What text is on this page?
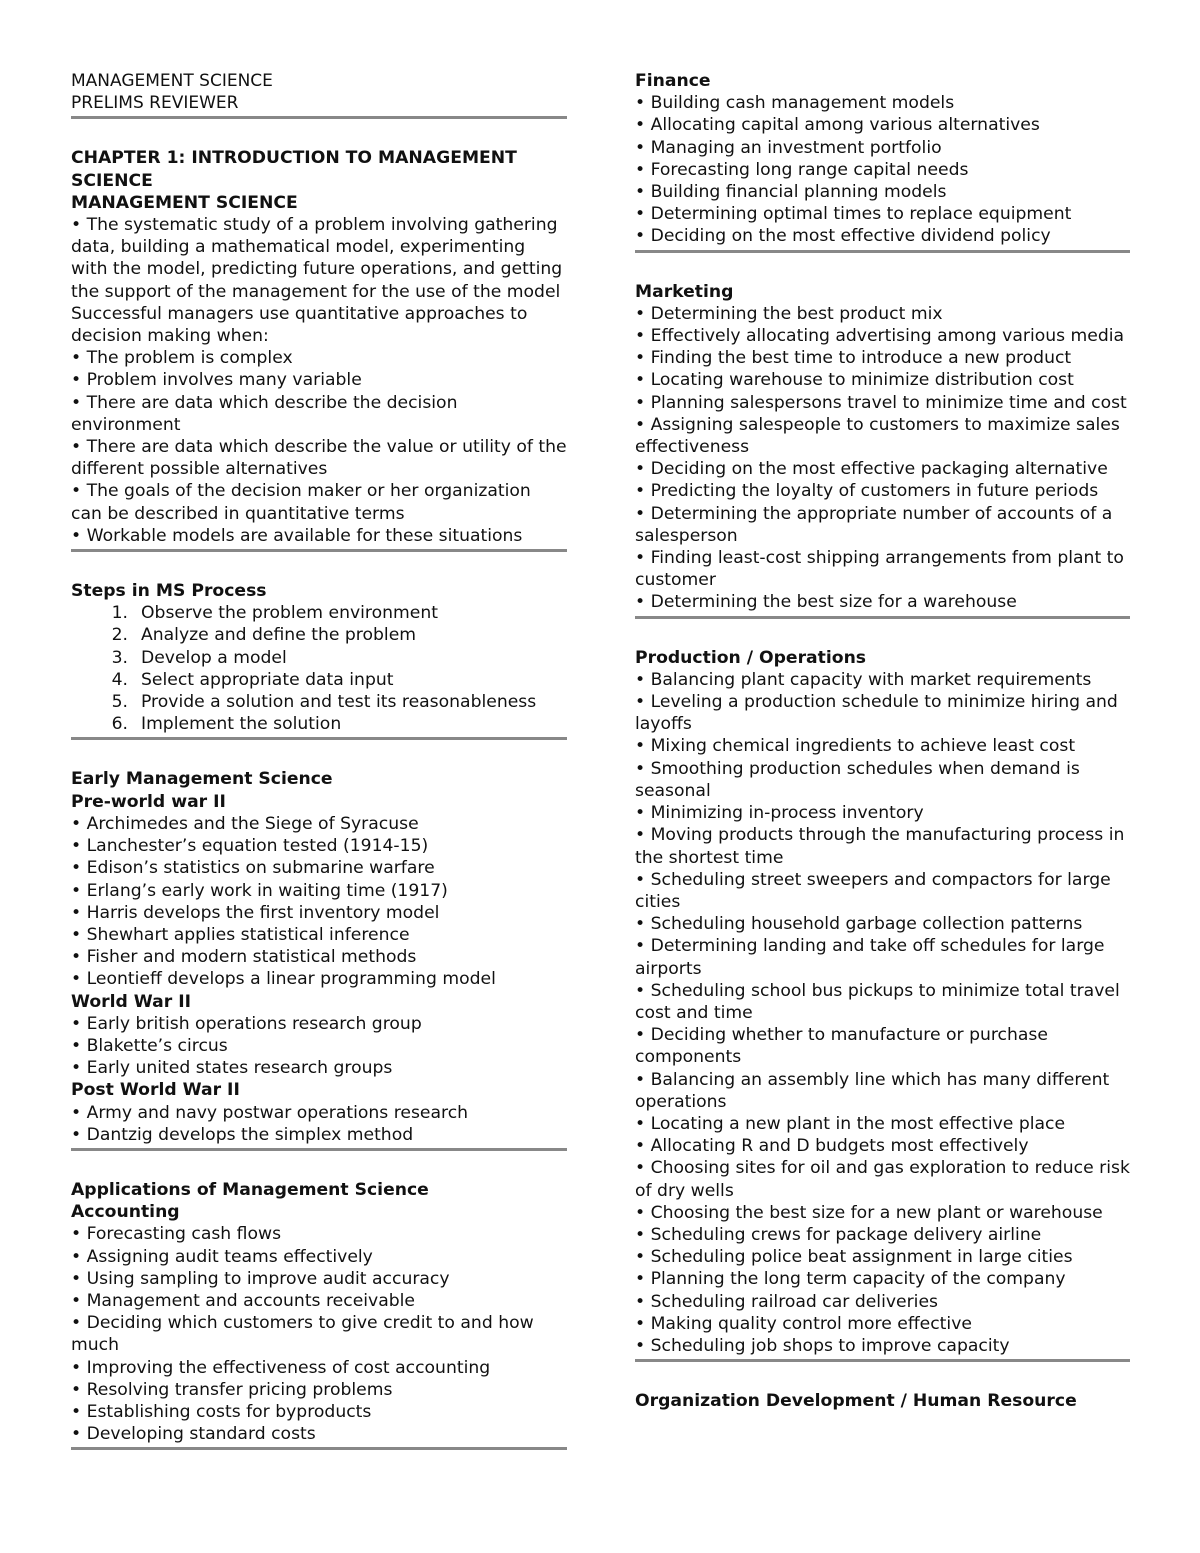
MANAGEMENT SCIENCE
PRELIMS REVIEWER
CHAPTER 1: INTRODUCTION TO MANAGEMENT SCIENCE
MANAGEMENT SCIENCE
• The systematic study of a problem involving gathering data, building a mathematical model, experimenting with the model, predicting future operations, and getting the support of the management for the use of the model
Successful managers use quantitative approaches to decision making when:
• The problem is complex
• Problem involves many variable
• There are data which describe the decision environment
• There are data which describe the value or utility of the different possible alternatives
• The goals of the decision maker or her organization can be described in quantitative terms
• Workable models are available for these situations
Steps in MS Process
1. Observe the problem environment
2. Analyze and define the problem
3. Develop a model
4. Select appropriate data input
5. Provide a solution and test its reasonableness
6. Implement the solution
Early Management Science
Pre-world war II
• Archimedes and the Siege of Syracuse
• Lanchester’s equation tested (1914-15)
• Edison’s statistics on submarine warfare
• Erlang’s early work in waiting time (1917)
• Harris develops the first inventory model
• Shewhart applies statistical inference
• Fisher and modern statistical methods
• Leontieff develops a linear programming model
World War II
• Early british operations research group
• Blakette’s circus
• Early united states research groups
Post World War II
• Army and navy postwar operations research
• Dantzig develops the simplex method
Applications of Management Science
Accounting
• Forecasting cash flows
• Assigning audit teams effectively
• Using sampling to improve audit accuracy
• Management and accounts receivable
• Deciding which customers to give credit to and how much
• Improving the effectiveness of cost accounting
• Resolving transfer pricing problems
• Establishing costs for byproducts
• Developing standard costs
Finance
• Building cash management models
• Allocating capital among various alternatives
• Managing an investment portfolio
• Forecasting long range capital needs
• Building financial planning models
• Determining optimal times to replace equipment
• Deciding on the most effective dividend policy
Marketing
• Determining the best product mix
• Effectively allocating advertising among various media
• Finding the best time to introduce a new product
• Locating warehouse to minimize distribution cost
• Planning salespersons travel to minimize time and cost
• Assigning salespeople to customers to maximize sales effectiveness
• Deciding on the most effective packaging alternative
• Predicting the loyalty of customers in future periods
• Determining the appropriate number of accounts of a salesperson
• Finding least-cost shipping arrangements from plant to customer
• Determining the best size for a warehouse
Production / Operations
• Balancing plant capacity with market requirements
• Leveling a production schedule to minimize hiring and layoffs
• Mixing chemical ingredients to achieve least cost
• Smoothing production schedules when demand is seasonal
• Minimizing in-process inventory
• Moving products through the manufacturing process in the shortest time
• Scheduling street sweepers and compactors for large cities
• Scheduling household garbage collection patterns
• Determining landing and take off schedules for large airports
• Scheduling school bus pickups to minimize total travel cost and time
• Deciding whether to manufacture or purchase components
• Balancing an assembly line which has many different operations
• Locating a new plant in the most effective place
• Allocating R and D budgets most effectively
• Choosing sites for oil and gas exploration to reduce risk of dry wells
• Choosing the best size for a new plant or warehouse
• Scheduling crews for package delivery airline
• Scheduling police beat assignment in large cities
• Planning the long term capacity of the company
• Scheduling railroad car deliveries
• Making quality control more effective
• Scheduling job shops to improve capacity
Organization Development / Human Resource
